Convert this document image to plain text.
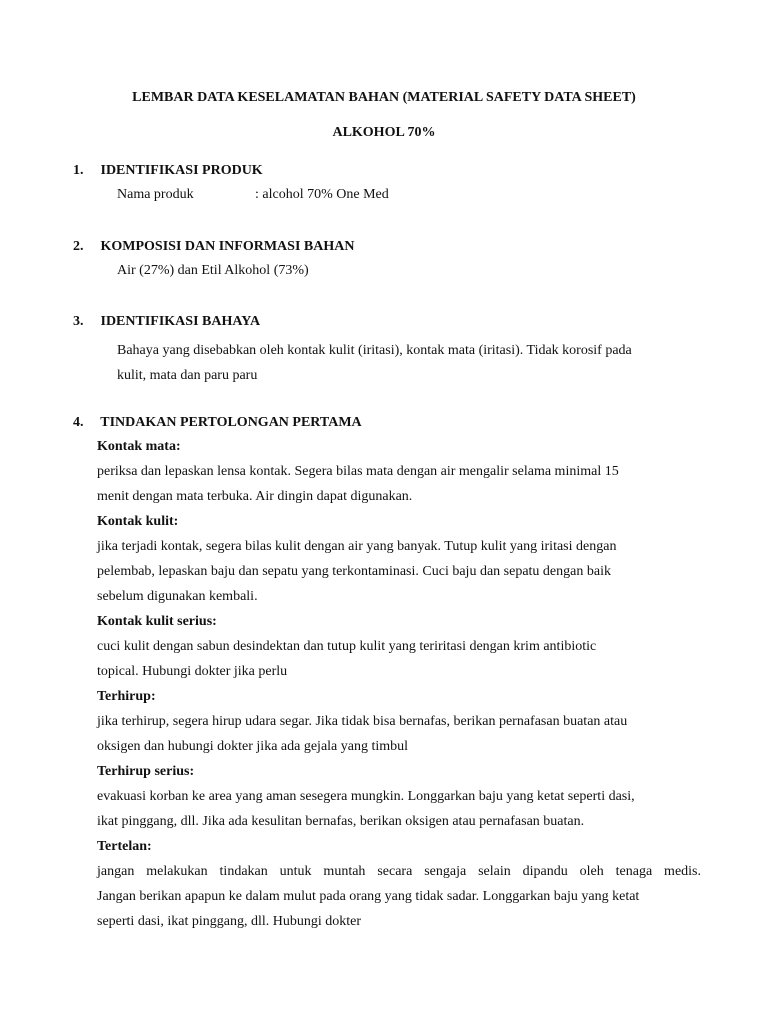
LEMBAR DATA KESELAMATAN BAHAN (MATERIAL SAFETY DATA SHEET)
ALKOHOL 70%
1. IDENTIFIKASI PRODUK
Nama produk	: alcohol 70% One Med
2. KOMPOSISI DAN INFORMASI BAHAN
Air (27%) dan Etil Alkohol (73%)
3. IDENTIFIKASI BAHAYA
Bahaya yang disebabkan oleh kontak kulit (iritasi), kontak mata (iritasi). Tidak korosif pada
kulit, mata dan paru paru
4. TINDAKAN PERTOLONGAN PERTAMA
Kontak mata:
periksa dan lepaskan lensa kontak. Segera bilas mata dengan air mengalir selama minimal 15
menit dengan mata terbuka. Air dingin dapat digunakan.
Kontak kulit:
jika terjadi kontak, segera bilas kulit dengan air yang banyak. Tutup kulit yang iritasi dengan
pelembab, lepaskan baju dan sepatu yang terkontaminasi. Cuci baju dan sepatu dengan baik
sebelum digunakan kembali.
Kontak kulit serius:
cuci kulit dengan sabun desindektan dan tutup kulit yang teriritasi dengan krim antibiotic
topical. Hubungi dokter jika perlu
Terhirup:
jika terhirup, segera hirup udara segar. Jika tidak bisa bernafas, berikan pernafasan buatan atau
oksigen dan hubungi dokter jika ada gejala yang timbul
Terhirup serius:
evakuasi korban ke area yang aman sesegera mungkin. Longgarkan baju yang ketat seperti dasi,
ikat pinggang, dll. Jika ada kesulitan bernafas, berikan oksigen atau pernafasan buatan.
Tertelan:
jangan melakukan tindakan untuk muntah secara sengaja selain dipandu oleh tenaga medis.
Jangan berikan apapun ke dalam mulut pada orang yang tidak sadar. Longgarkan baju yang ketat
seperti dasi, ikat pinggang, dll. Hubungi dokter
